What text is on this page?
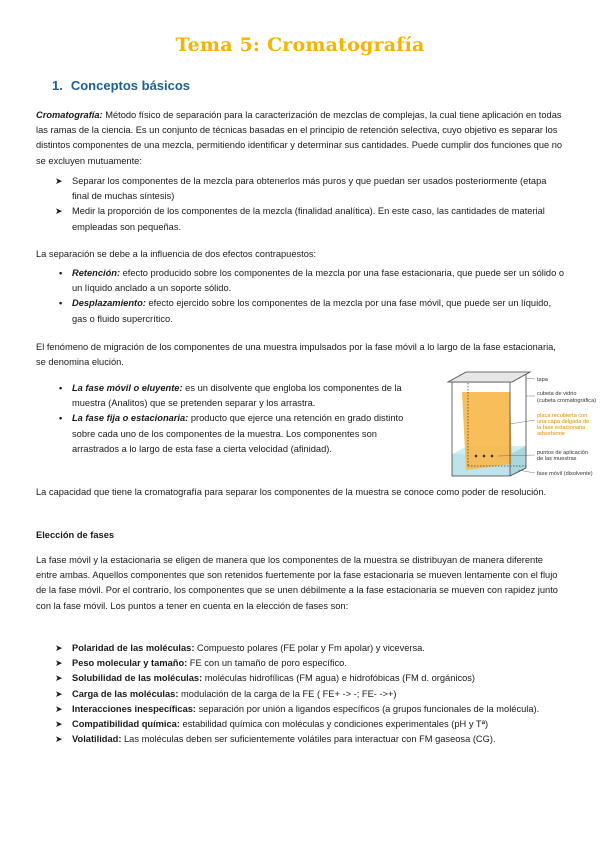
Tema 5: Cromatografía
1. Conceptos básicos

Cromatografía: Método físico de separación para la caracterización de mezclas de complejas, la cual tiene aplicación en todas las ramas de la ciencia. Es un conjunto de técnicas basadas en el principio de retención selectiva, cuyo objetivo es separar los distintos componentes de una mezcla, permitiendo identificar y determinar sus cantidades. Puede cumplir dos funciones que no se excluyen mutuamente:

➤ Separar los componentes de la mezcla para obtenerlos más puros y que puedan ser usados posteriormente (etapa final de muchas síntesis)
➤ Medir la proporción de los componentes de la mezcla (finalidad analítica). En este caso, las cantidades de material empleadas son pequeñas.

La separación se debe a la influencia de dos efectos contrapuestos:

• Retención: efecto producido sobre los componentes de la mezcla por una fase estacionaria, que puede ser un sólido o un líquido anclado a un soporte sólido.
• Desplazamiento: efecto ejercido sobre los componentes de la mezcla por una fase móvil, que puede ser un líquido, gas o fluido supercrítico.

El fenómeno de migración de los componentes de una muestra impulsados por la fase móvil a lo largo de la fase estacionaria, se denomina elución.

• La fase móvil o eluyente: es un disolvente que engloba los componentes de la muestra (Analitos) que se pretenden separar y los arrastra.
• La fase fija o estacionaria: producto que ejerce una retención en grado distinto sobre cada uno de los componentes de la muestra. Los componentes son arrastrados a lo largo de esta fase a cierta velocidad (afinidad).
tapa
cubeta de vidrio
(cubeta cromatográfica)
placa recubierta con
una capa delgada de
la fase estacionaria
adsorbente
puntos de aplicación
de las muestras
fase móvil (disolvente)

La capacidad que tiene la cromatografía para separar los componentes de la muestra se conoce como poder de resolución.

Elección de fases

La fase móvil y la estacionaria se eligen de manera que los componentes de la muestra se distribuyan de manera diferente entre ambas. Aquellos componentes que son retenidos fuertemente por la fase estacionaria se mueven lentamente con el flujo de la fase móvil. Por el contrario, los componentes que se unen débilmente a la fase estacionaria se mueven con rapidez junto con la fase móvil. Los puntos a tener en cuenta en la elección de fases son:

➤ Polaridad de las moléculas: Compuesto polares (FE polar y Fm apolar) y viceversa.
➤ Peso molecular y tamaño: FE con un tamaño de poro específico.
➤ Solubilidad de las moléculas: moléculas hidrofílicas (FM agua) e hidrofóbicas (FM d. orgánicos)
➤ Carga de las moléculas: modulación de la carga de la FE ( FE+ -> -; FE- ->+)
➤ Interacciones inespecíficas: separación por unión a ligandos específicos (a grupos funcionales de la molécula).
➤ Compatibilidad química: estabilidad química con moléculas y condiciones experimentales (pH y Tª)
➤ Volatilidad: Las moléculas deben ser suficientemente volátiles para interactuar con FM gaseosa (CG).
